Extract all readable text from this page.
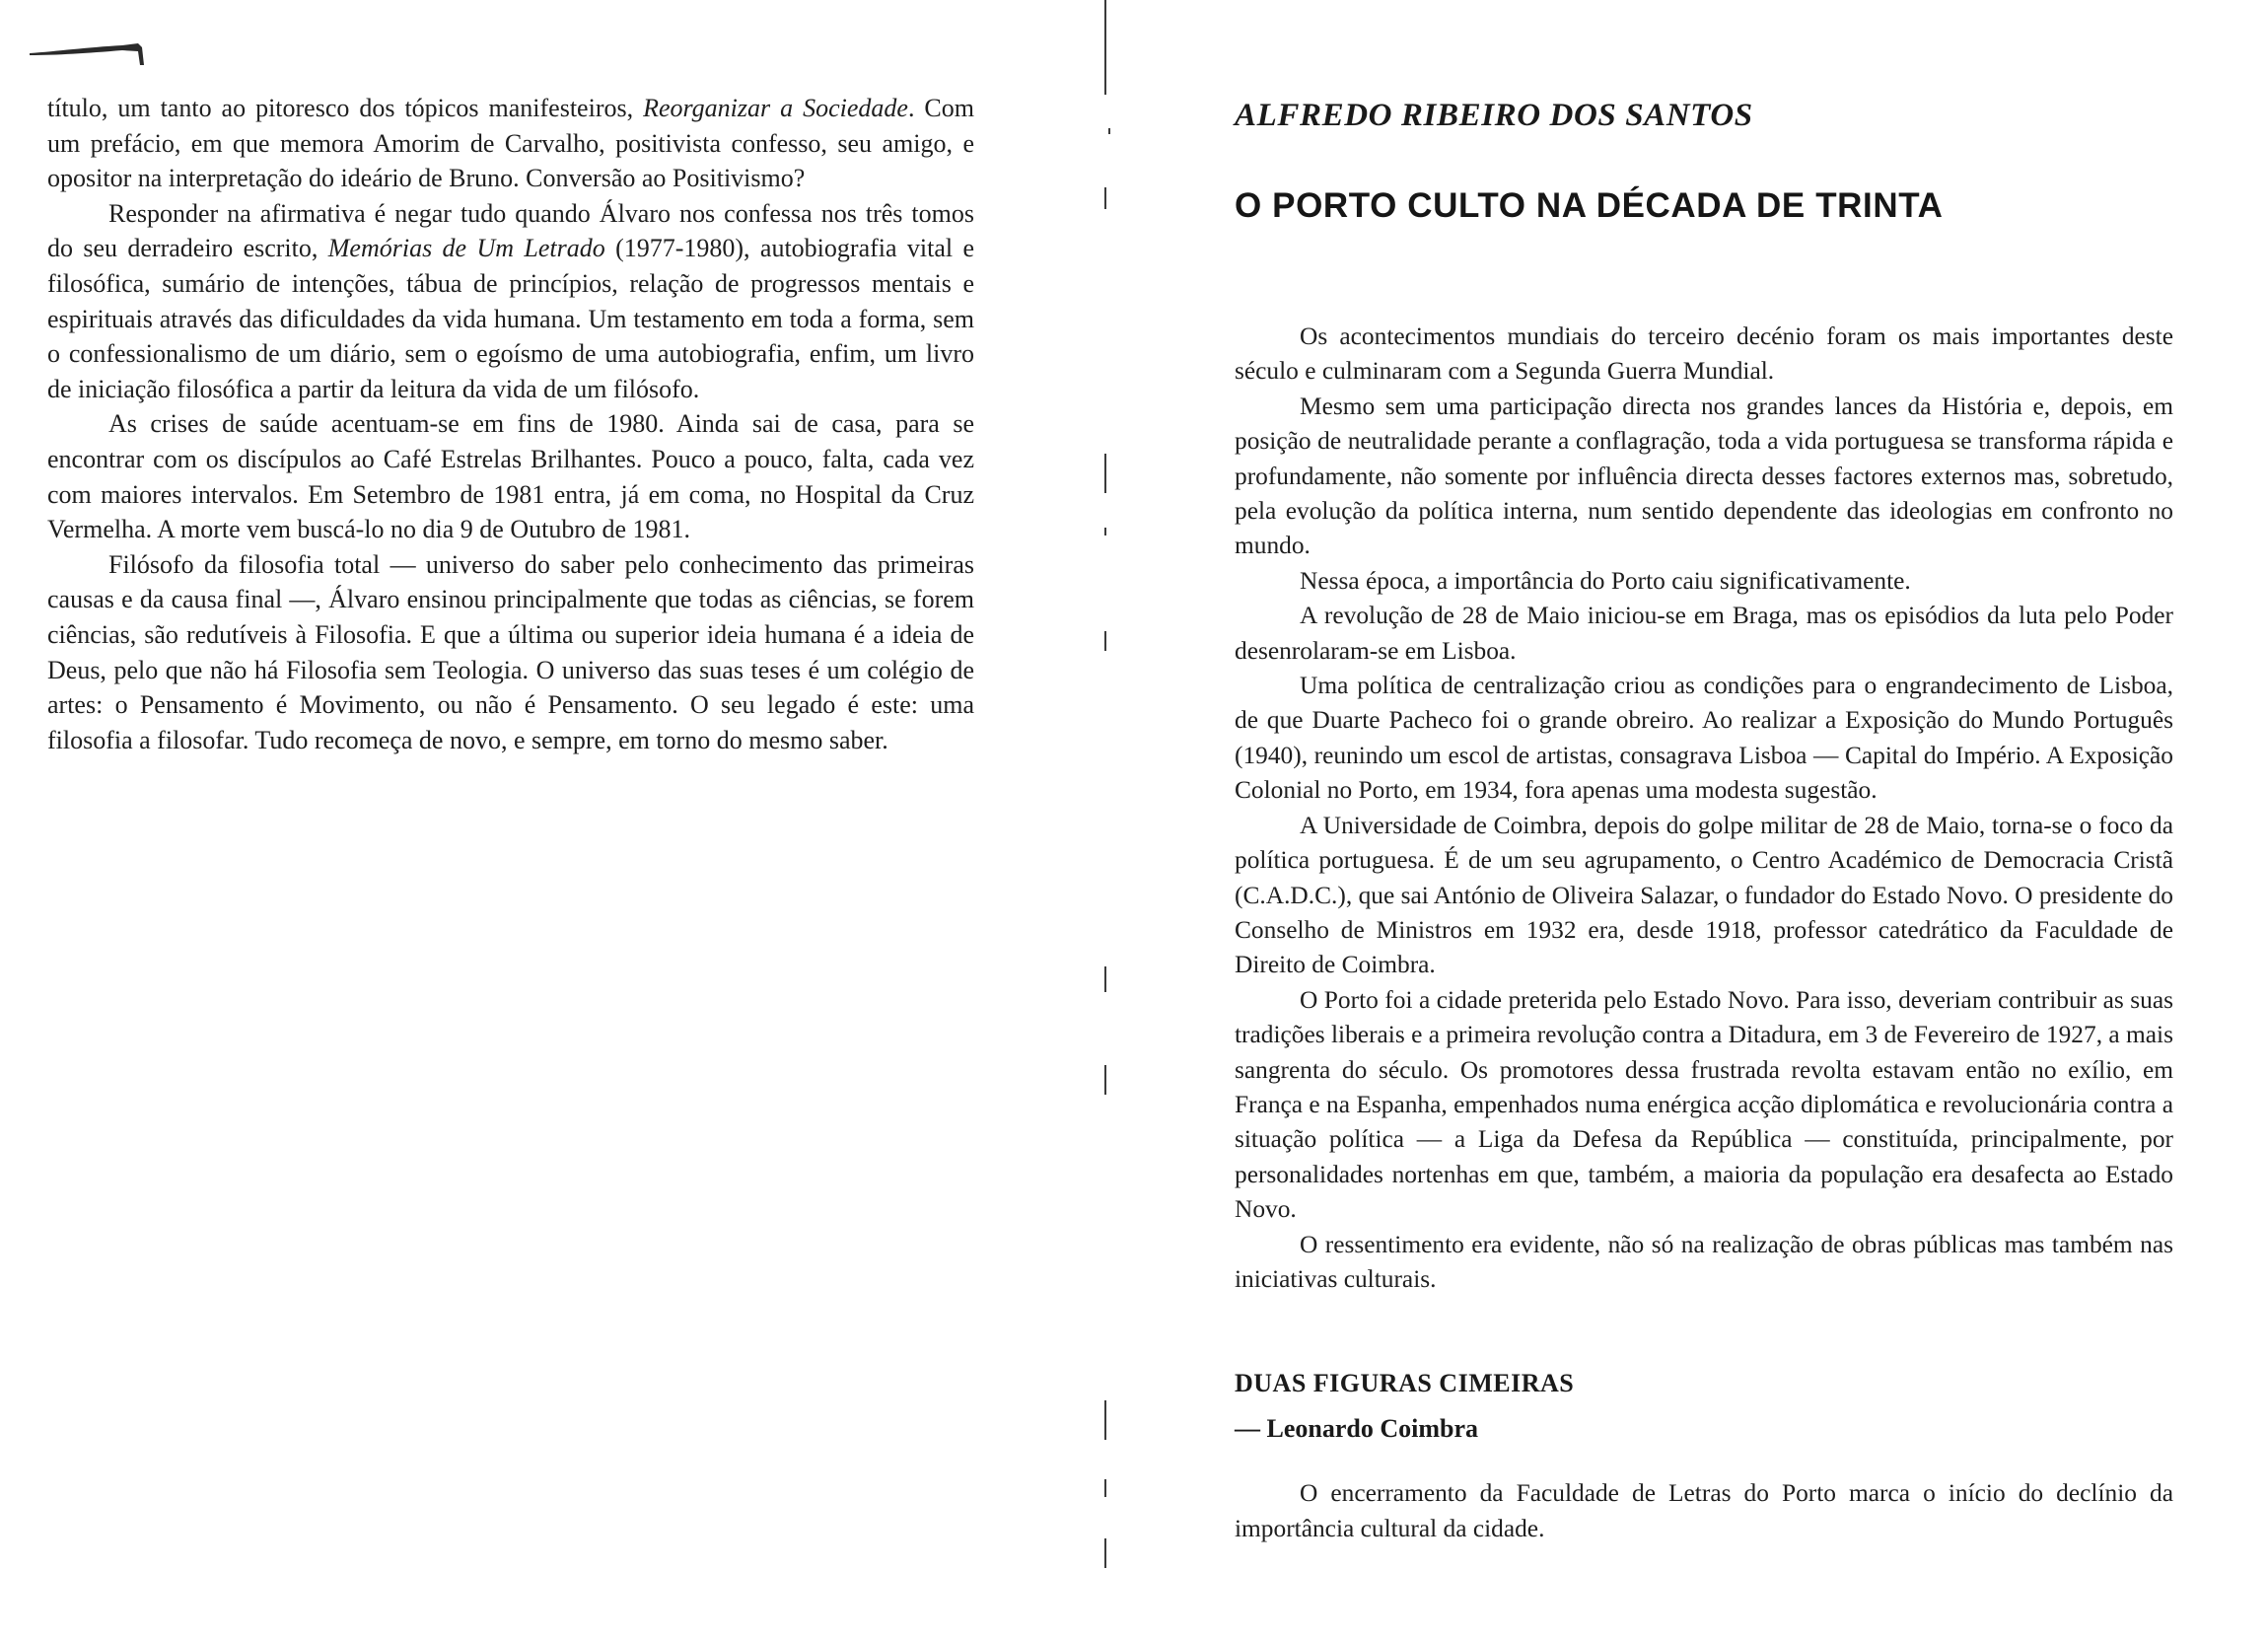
título, um tanto ao pitoresco dos tópicos manifesteiros, Reorganizar a Sociedade. Com um prefácio, em que memora Amorim de Carvalho, positivista confesso, seu amigo, e opositor na interpretação do ideário de Bruno. Conversão ao Positivismo?

Responder na afirmativa é negar tudo quando Álvaro nos confessa nos três tomos do seu derradeiro escrito, Memórias de Um Letrado (1977-1980), autobiografia vital e filosófica, sumário de intenções, tábua de princípios, relação de progressos mentais e espirituais através das dificuldades da vida humana. Um testamento em toda a forma, sem o confessionalismo de um diário, sem o egoísmo de uma autobiografia, enfim, um livro de iniciação filosófica a partir da leitura da vida de um filósofo.

As crises de saúde acentuam-se em fins de 1980. Ainda sai de casa, para se encontrar com os discípulos ao Café Estrelas Brilhantes. Pouco a pouco, falta, cada vez com maiores intervalos. Em Setembro de 1981 entra, já em coma, no Hospital da Cruz Vermelha. A morte vem buscá-lo no dia 9 de Outubro de 1981.

Filósofo da filosofia total — universo do saber pelo conhecimento das primeiras causas e da causa final —, Álvaro ensinou principalmente que todas as ciências, se forem ciências, são redutíveis à Filosofia. E que a última ou superior ideia humana é a ideia de Deus, pelo que não há Filosofia sem Teologia. O universo das suas teses é um colégio de artes: o Pensamento é Movimento, ou não é Pensamento. O seu legado é este: uma filosofia a filosofar. Tudo recomeça de novo, e sempre, em torno do mesmo saber.

ALFREDO RIBEIRO DOS SANTOS
O PORTO CULTO NA DÉCADA DE TRINTA

Os acontecimentos mundiais do terceiro decénio foram os mais importantes deste século e culminaram com a Segunda Guerra Mundial.

Mesmo sem uma participação directa nos grandes lances da História e, depois, em posição de neutralidade perante a conflagração, toda a vida portuguesa se transforma rápida e profundamente, não somente por influência directa desses factores externos mas, sobretudo, pela evolução da política interna, num sentido dependente das ideologias em confronto no mundo.

Nessa época, a importância do Porto caiu significativamente.

A revolução de 28 de Maio iniciou-se em Braga, mas os episódios da luta pelo Poder desenrolaram-se em Lisboa.

Uma política de centralização criou as condições para o engrandecimento de Lisboa, de que Duarte Pacheco foi o grande obreiro. Ao realizar a Exposição do Mundo Português (1940), reunindo um escol de artistas, consagrava Lisboa — Capital do Império. A Exposição Colonial no Porto, em 1934, fora apenas uma modesta sugestão.

A Universidade de Coimbra, depois do golpe militar de 28 de Maio, torna-se o foco da política portuguesa. É de um seu agrupamento, o Centro Académico de Democracia Cristã (C.A.D.C.), que sai António de Oliveira Salazar, o fundador do Estado Novo. O presidente do Conselho de Ministros em 1932 era, desde 1918, professor catedrático da Faculdade de Direito de Coimbra.

O Porto foi a cidade preterida pelo Estado Novo. Para isso, deveriam contribuir as suas tradições liberais e a primeira revolução contra a Ditadura, em 3 de Fevereiro de 1927, a mais sangrenta do século. Os promotores dessa frustrada revolta estavam então no exílio, em França e na Espanha, empenhados numa enérgica acção diplomática e revolucionária contra a situação política — a Liga da Defesa da República — constituída, principalmente, por personalidades nortenhas em que, também, a maioria da população era desafecta ao Estado Novo.

O ressentimento era evidente, não só na realização de obras públicas mas também nas iniciativas culturais.

DUAS FIGURAS CIMEIRAS
— Leonardo Coimbra

O encerramento da Faculdade de Letras do Porto marca o início do declínio da importância cultural da cidade.
